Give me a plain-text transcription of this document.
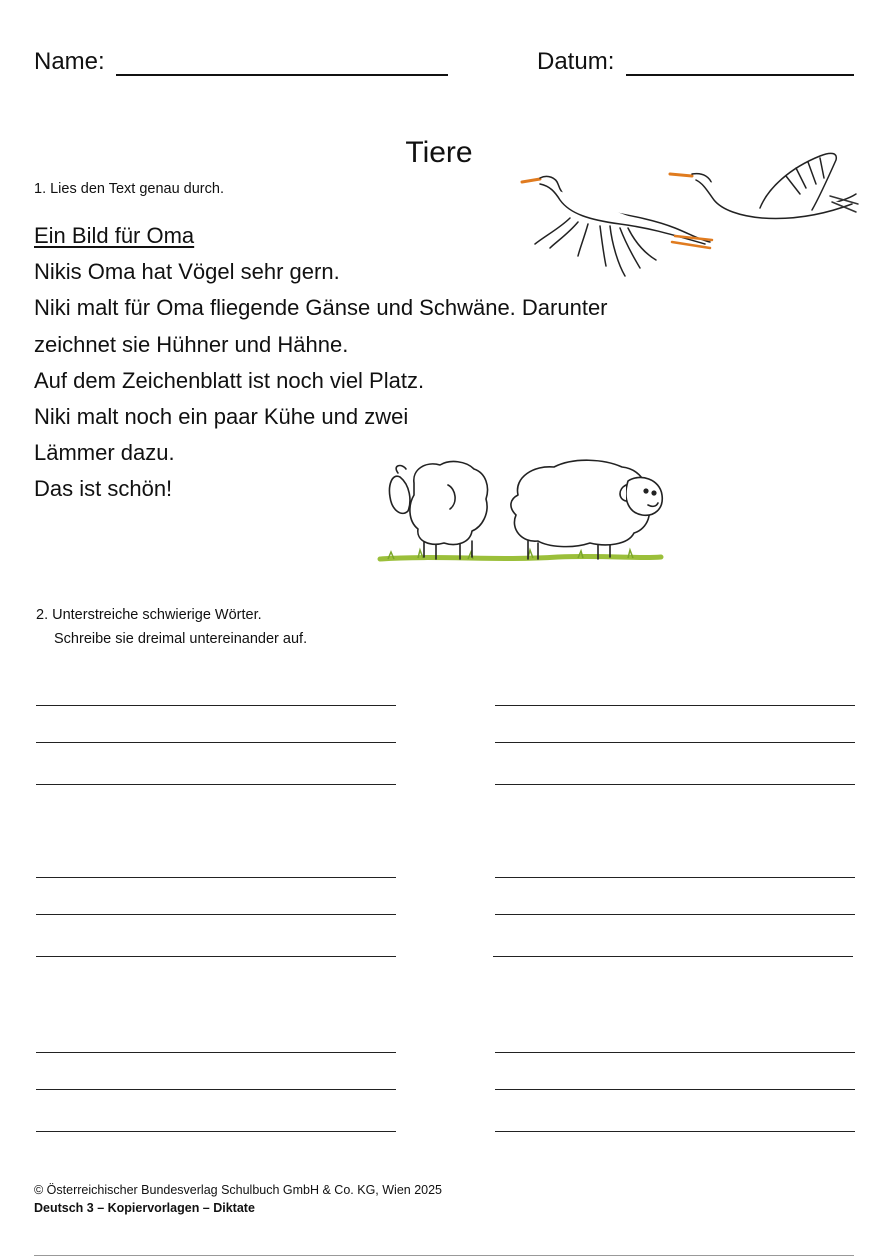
Name:	Datum:
Tiere
1. Lies den Text genau durch.
Ein Bild für Oma
Nikis Oma hat Vögel sehr gern.
Niki malt für Oma fliegende Gänse und Schwäne. Darunter
zeichnet sie Hühner und Hähne.
Auf dem Zeichenblatt ist noch viel Platz.
Niki malt noch ein paar Kühe und zwei
Lämmer dazu.
Das ist schön!
2. Unterstreiche schwierige Wörter.
Schreibe sie dreimal untereinander auf.
© Österreichischer Bundesverlag Schulbuch GmbH & Co. KG, Wien 2025
Deutsch 3 – Kopiervorlagen – Diktate
